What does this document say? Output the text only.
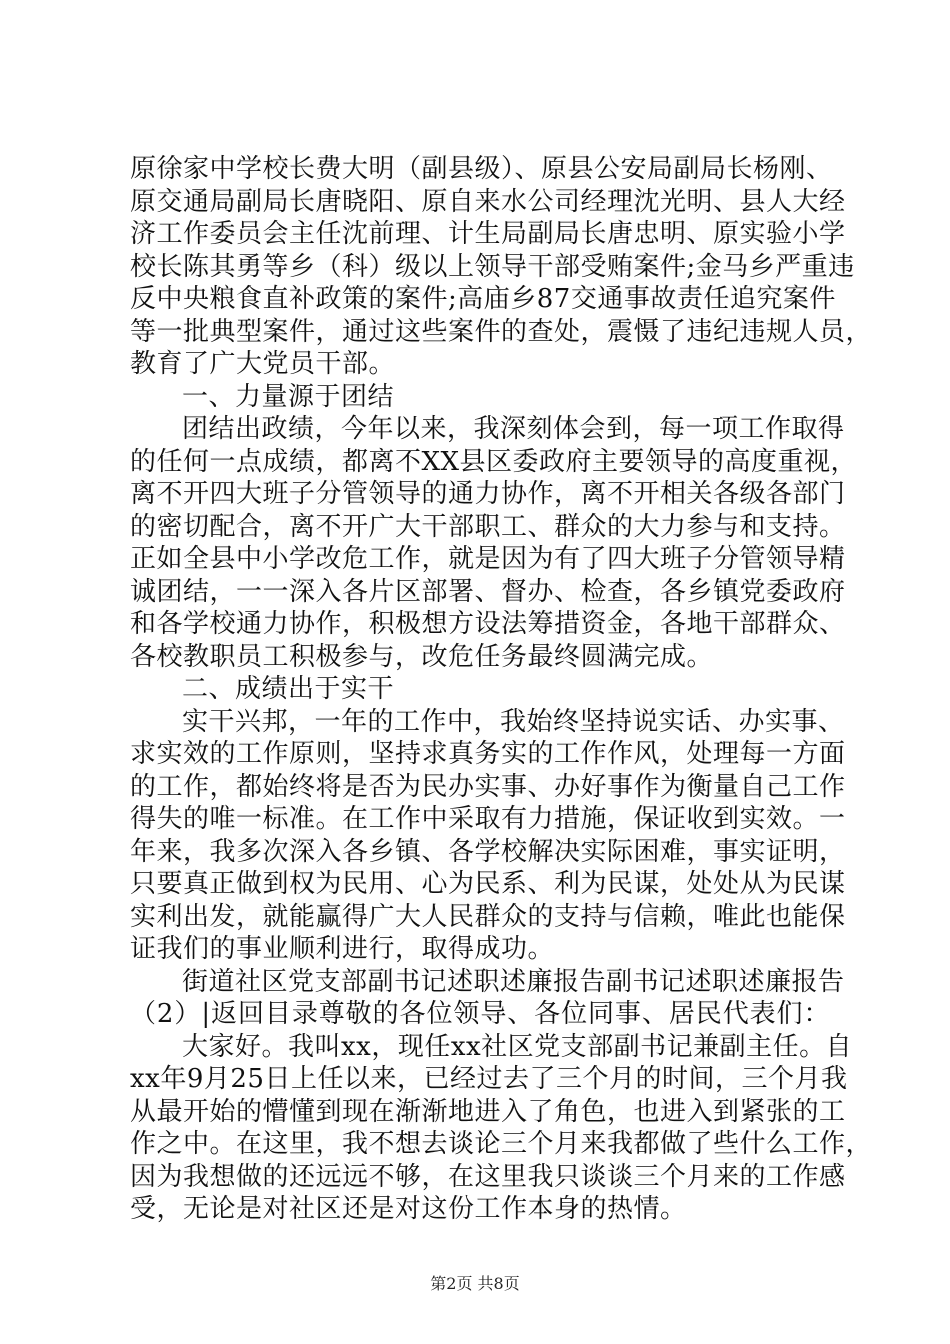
原徐家中学校长费大明（副县级）、原县公安局副局长杨刚、
原交通局副局长唐晓阳、原自来水公司经理沈光明、县人大经
济工作委员会主任沈前理、计生局副局长唐忠明、原实验小学
校长陈其勇等乡（科）级以上领导干部受贿案件;金马乡严重违
反中央粮食直补政策的案件;高庙乡87交通事故责任追究案件
等一批典型案件，通过这些案件的查处，震慑了违纪违规人员，
教育了广大党员干部。
一、力量源于团结
团结出政绩，今年以来，我深刻体会到，每一项工作取得
的任何一点成绩，都离不XX县区委政府主要领导的高度重视，
离不开四大班子分管领导的通力协作，离不开相关各级各部门
的密切配合，离不开广大干部职工、群众的大力参与和支持。
正如全县中小学改危工作，就是因为有了四大班子分管领导精
诚团结，一一深入各片区部署、督办、检查，各乡镇党委政府
和各学校通力协作，积极想方设法筹措资金，各地干部群众、
各校教职员工积极参与，改危任务最终圆满完成。
二、成绩出于实干
实干兴邦，一年的工作中，我始终坚持说实话、办实事、
求实效的工作原则，坚持求真务实的工作作风，处理每一方面
的工作，都始终将是否为民办实事、办好事作为衡量自己工作
得失的唯一标准。在工作中采取有力措施，保证收到实效。一
年来，我多次深入各乡镇、各学校解决实际困难，事实证明，
只要真正做到权为民用、心为民系、利为民谋，处处从为民谋
实利出发，就能赢得广大人民群众的支持与信赖，唯此也能保
证我们的事业顺利进行，取得成功。
街道社区党支部副书记述职述廉报告副书记述职述廉报告
（2）|返回目录尊敬的各位领导、各位同事、居民代表们：
大家好。我叫xx，现任xx社区党支部副书记兼副主任。自
xx年9月25日上任以来，已经过去了三个月的时间，三个月我
从最开始的懵懂到现在渐渐地进入了角色，也进入到紧张的工
作之中。在这里，我不想去谈论三个月来我都做了些什么工作，
因为我想做的还远远不够，在这里我只谈谈三个月来的工作感
受，无论是对社区还是对这份工作本身的热情。
第2页 共8页
